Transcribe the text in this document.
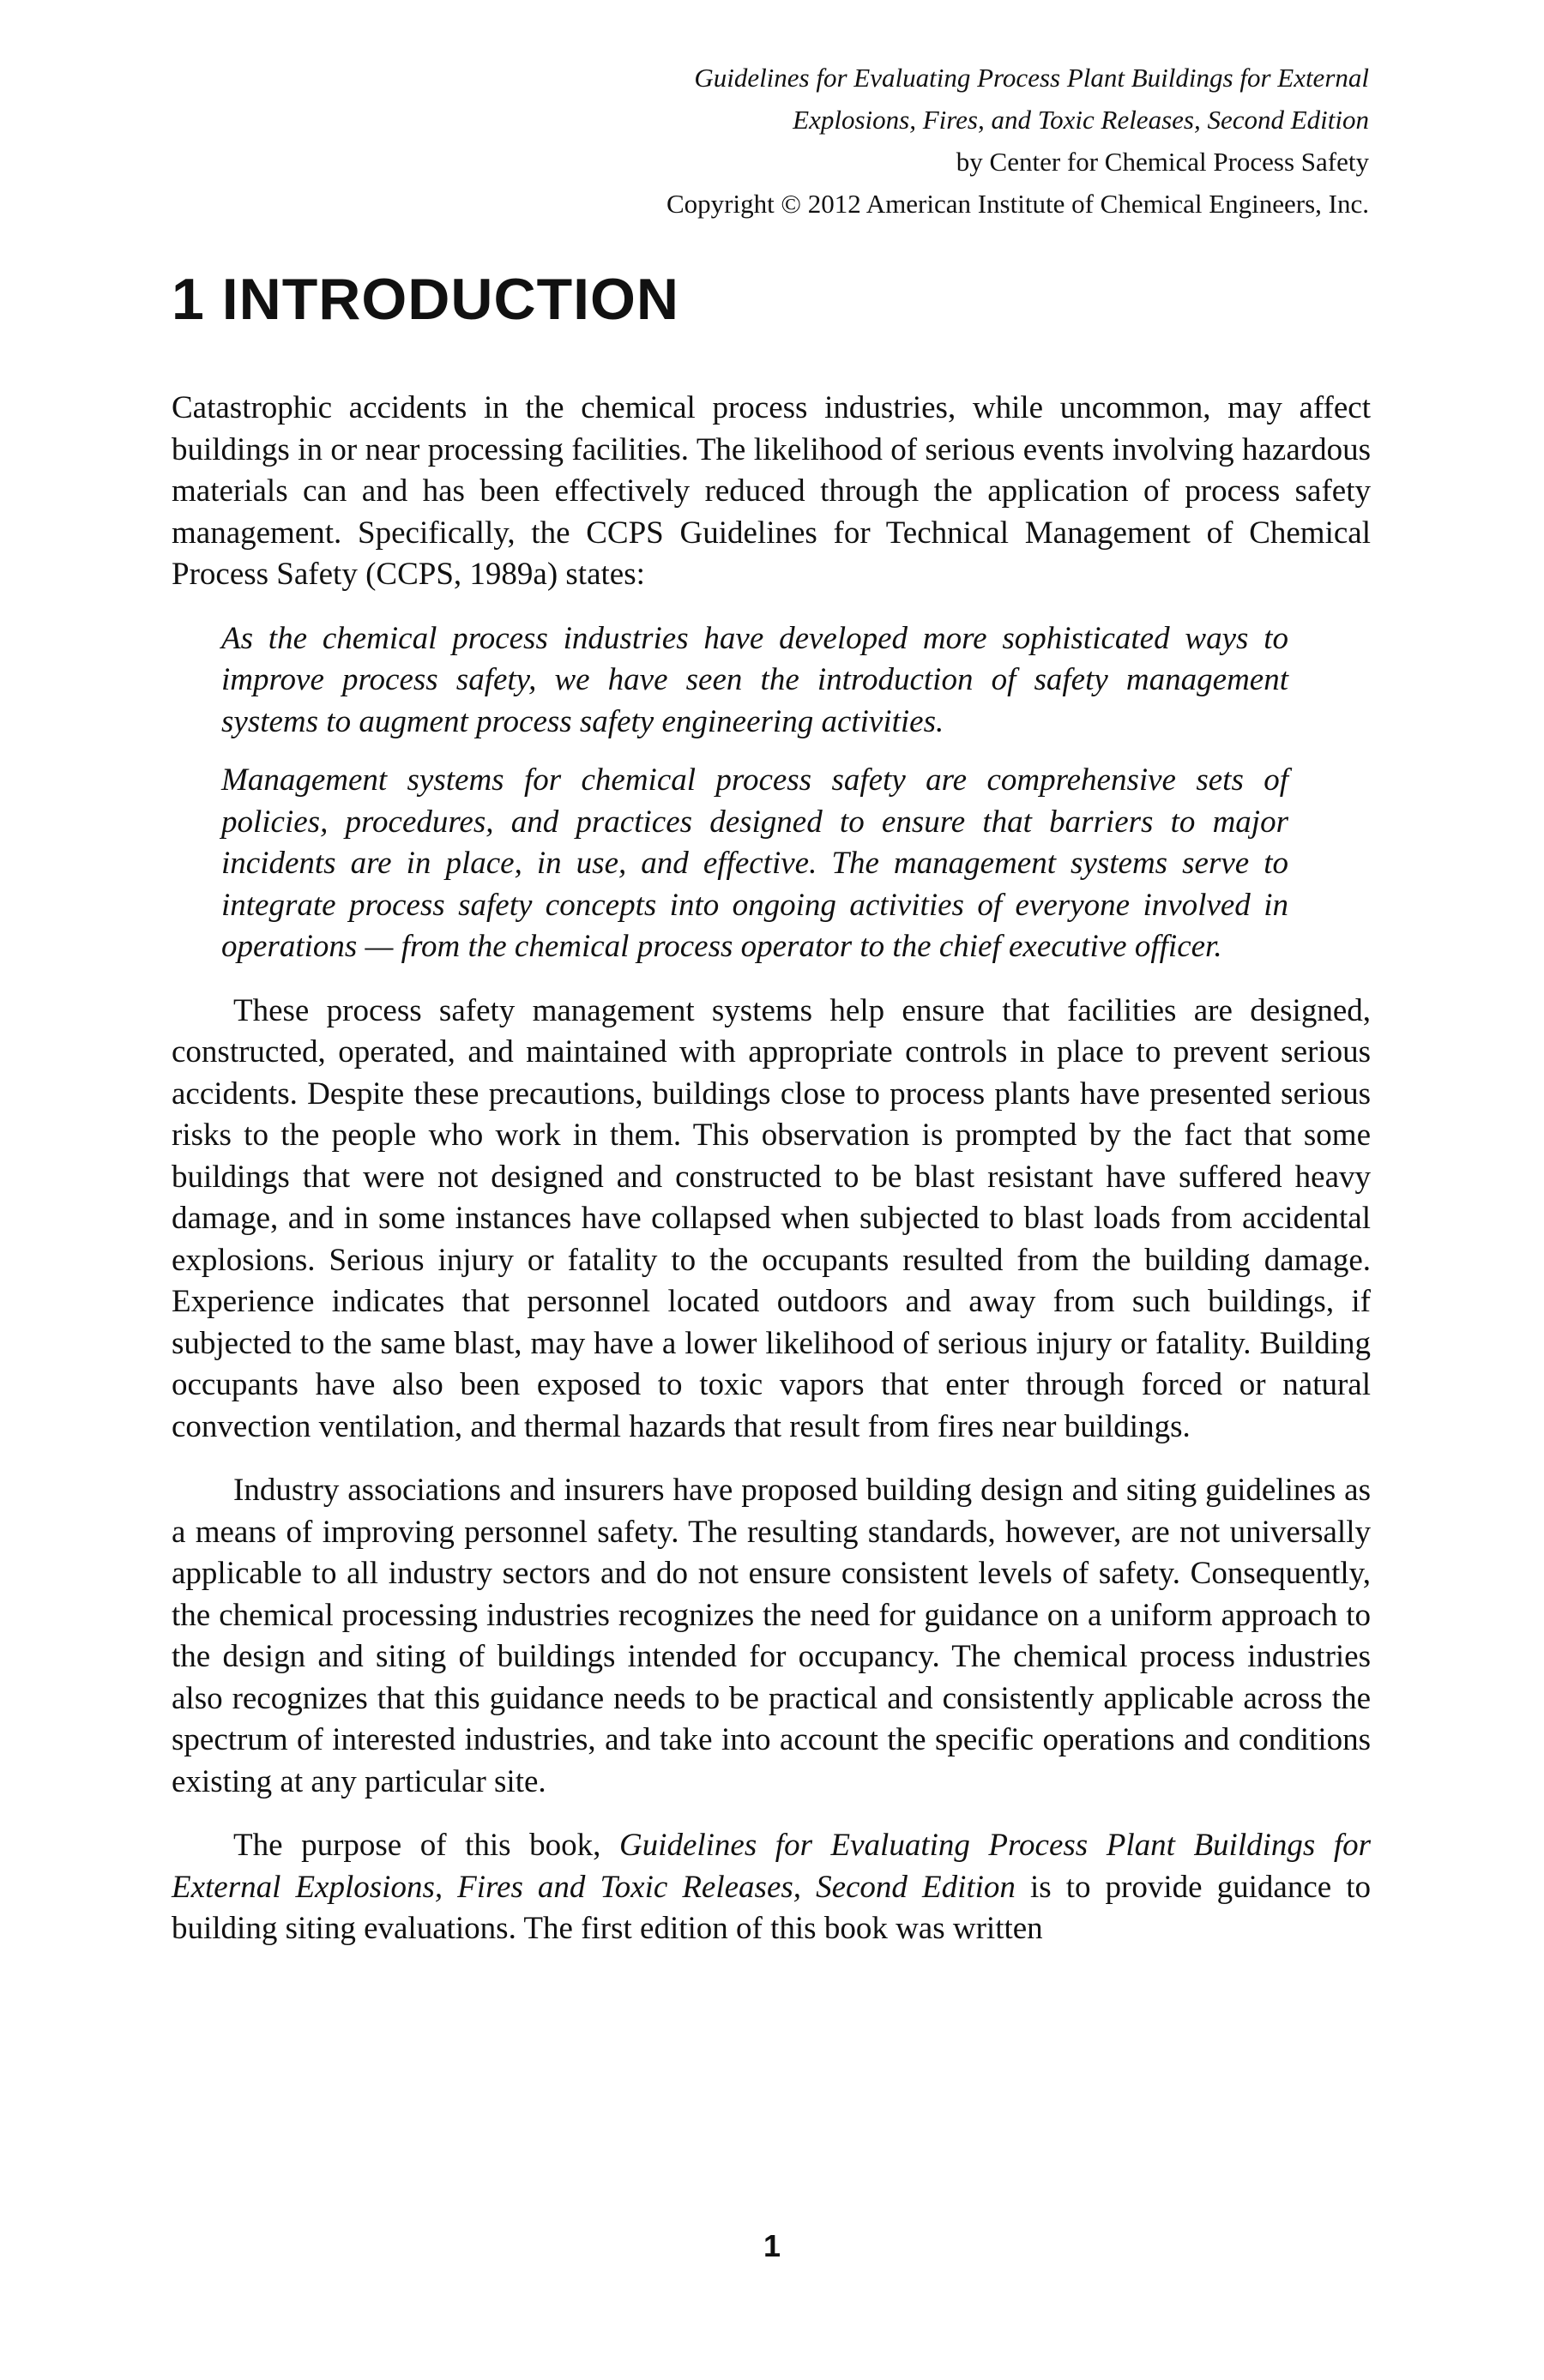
Guidelines for Evaluating Process Plant Buildings for External
Explosions, Fires, and Toxic Releases, Second Edition
by Center for Chemical Process Safety
Copyright © 2012 American Institute of Chemical Engineers, Inc.
1 INTRODUCTION

Catastrophic accidents in the chemical process industries, while uncommon, may affect buildings in or near processing facilities. The likelihood of serious events involving hazardous materials can and has been effectively reduced through the application of process safety management. Specifically, the CCPS Guidelines for Technical Management of Chemical Process Safety (CCPS, 1989a) states:

As the chemical process industries have developed more sophisticated ways to improve process safety, we have seen the introduction of safety management systems to augment process safety engineering activities.

Management systems for chemical process safety are comprehensive sets of policies, procedures, and practices designed to ensure that barriers to major incidents are in place, in use, and effective. The management systems serve to integrate process safety concepts into ongoing activities of everyone involved in operations — from the chemical process operator to the chief executive officer.

These process safety management systems help ensure that facilities are designed, constructed, operated, and maintained with appropriate controls in place to prevent serious accidents. Despite these precautions, buildings close to process plants have presented serious risks to the people who work in them. This observation is prompted by the fact that some buildings that were not designed and constructed to be blast resistant have suffered heavy damage, and in some instances have collapsed when subjected to blast loads from accidental explosions. Serious injury or fatality to the occupants resulted from the building damage. Experience indicates that personnel located outdoors and away from such buildings, if subjected to the same blast, may have a lower likelihood of serious injury or fatality. Building occupants have also been exposed to toxic vapors that enter through forced or natural convection ventilation, and thermal hazards that result from fires near buildings.

Industry associations and insurers have proposed building design and siting guidelines as a means of improving personnel safety. The resulting standards, however, are not universally applicable to all industry sectors and do not ensure consistent levels of safety. Consequently, the chemical processing industries recognizes the need for guidance on a uniform approach to the design and siting of buildings intended for occupancy. The chemical process industries also recognizes that this guidance needs to be practical and consistently applicable across the spectrum of interested industries, and take into account the specific operations and conditions existing at any particular site.

The purpose of this book, Guidelines for Evaluating Process Plant Buildings for External Explosions, Fires and Toxic Releases, Second Edition is to provide guidance to building siting evaluations. The first edition of this book was written

1
